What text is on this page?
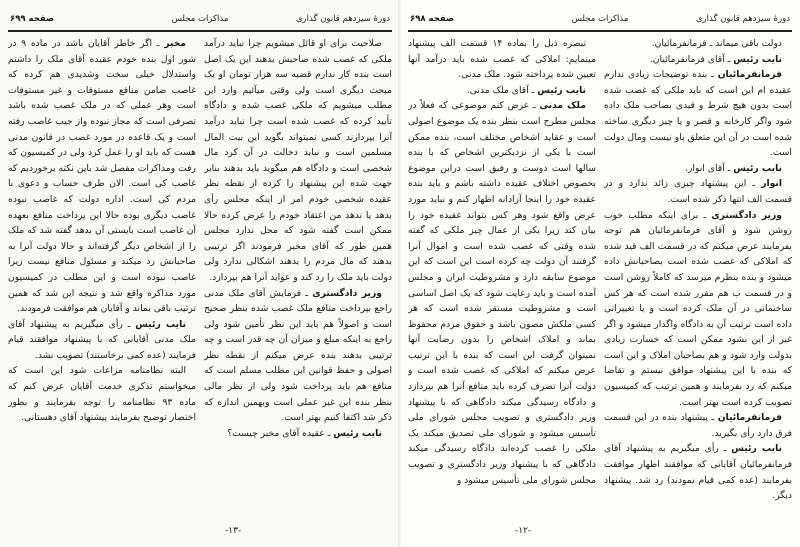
دورهٔ سیزدهم قانون گذاری
مذاکرات مجلس
صفحه ۶۹۹

صلاحیت برای او قائل میشویم چرا نباید درآمد ملکی که غصب شده صاحبش بدهند این یک اصل است بنده کار ندارم قضیه سه هزار تومان او یک مبحث دیگری است ولی وقتی میآئیم وارد این مطلب میشویم که ملکی غصب شده و دادگاه تأیید کرده که غصب شده است چرا نباید درآمد آنرا بپردازند کسی نمیتواند بگوید این بیت المال مسلمین است و نباید دخالت در آن کرد مال شخصی است و دادگاه هم میگوید باید بدهند بنابر جهت شده این پیشنهاد را کرده از نقطه نظر عقیده شخصی خودم امر از اینکه مجلس رأی بدهد یا ندهد من اعتقاد خودم را عرض کرده حالا ممکن است گفته شود که محل ندارد مجلس همین طور که آقای مخبر فرمودند اگر ترتیبی بدهند که مال مردم را بدهند اشکالی ندارد ولی دولت باید ملک را رد کند و عواید آنرا هم بپردازد.

وزیر دادگستری ـ فرمایش آقای ملک مدنی راجع بپرداخت منافع ملک غصب شده بنظر صحیح است و اصولاً هم باید این نظر تأمین شود ولی راجع به اینکه مبلغ و میزان آن چه قدر است و چه ترتیبی بدهند بنده عرض میکنم از نقطه نظر اصولی و حفظ قوانین این مطلب مسلم است که منافع هم باید پرداخت شود ولی از نظر مالی بنظر بنده این غیر عملی است وبهمین اندازه که ذکر شد اکتفا کنیم بهتر است.

نایب رئیس ـ عقیده آقای مخبر چیست؟

مخبر ـ اگر خاطر آقایان باشد در ماده ۹ در شور اول بنده خودم عقیده آقای ملک را داشتم واستدلال خیلی سخت وشدیدی هم کرده که غاصب ضامن منافع مستوفات و غیر مستوفات است وهر عملی که در ملک غصب شده باشد تصرفی است که مجاز نبوده واز جیب غاصب رفته است و یک قاعده در مورد غصب در قانون مدنی هست که باید او را عمل کرد ولی در کمیسیون که رفت ومذاکرات مفصل شد باین نکته برخوردیم که غاصب کی است. الان طرف حساب و دعوی با مردم کی است. اداره دولت که غاصب نبوده غاصب دیگری بوده حالا این پرداخت منافع بعهده آن غاصب است بایستی آن بدهد گفته شد که ملک را از اشخاص دیگر گرفته‌اند و حالا دولت آنرا به صاحبانش رد میکند و مسئول منافع نیست زیرا غاصب نبوده است و این مطلب در کمیسیون مورد مذاکره واقع شد و نتیجه این شد که همین ترتیب باقی بماند و آقایان هم موافقت فرمودند.

نایب رئیس ـ رأی میگیریم به پیشنهاد آقای ملک مدنی آقایانی که با پیشنهاد موافقند قیام فرمایند (عده کمی برخاستند) تصویب نشد.

البته نظامنامه مراعات شود این است که میخواستم تذکری خدمت آقایان عرض کنم که ماده ۹۳ نظامنامه را توجه بفرمایند و بطور اختصار توضیح بفرمایند پیشنهاد آقای دهستانی.

-۱۳-
دورهٔ سیزدهم قانون گذاری
مذاکرات مجلس
صفحه ۶۹۸

دولت باقی میماند ـ فرمانفرمائیان.

نایب رئیس ـ آقای فرمانفرمائیان.

فرمانفرمائیان ـ بنده توضیحات زیادی ندارم عقیده ام این است که باید ملکی که غصب شده است بدون هیچ شرط و قیدی بصاحب ملک داده شود واگر کارخانه و قصر و یا چیز دیگری ساخته شده است در آن این متعلق باو نیست ومال دولت است.

نایب رئیس ـ آقای انوار.

انوار ـ این پیشنهاد چیزی زائد ندارد و در قسمت الف انتها ذکر شده است.

وزیر دادگستری ـ برای اینکه مطلب خوب روشن شود و آقای فرمانفرمائیان هم توجه بفرمایند عرض میکنم که در قسمت الف قید شده که املاکی که غصب شده است بصاحبانش داده میشود و بنده بنظرم میرسد که کاملاً روشن است و در قسمت ب هم مقرر شده است که هر کس ساختمانی در آن ملک کرده است و یا تغییراتی داده است ترتیب آن به دادگاه واگذار میشود و اگر غیر از این بشود ممکن است که خسارت زیادی بدولت وارد شود و هم بصاحبان املاک و این است که بنده با این پیشنهاد موافق نیستم و تقاضا میکنم که رد بفرمایند و همین ترتیب که کمیسیون تصویب کرده است بهتر است.

فرمانفرمائیان ـ پیشنهاد بنده در این قسمت فرق دارد رأی بگیرید.

نایب رئیس ـ رأی میگیریم به پیشنهاد آقای فرمانفرمائیان آقایانی که موافقند اظهار موافقت بفرمایند (عده کمی قیام نمودند) رد شد. پیشنهاد دیگر.

تبصره ذیل را بماده ۱۴ قسمت الف پیشنهاد مینمایم: املاکی که غصب شده باید درآمد آنها تعیین شده پرداخته شود. ملک مدنی.

نایب رئیس ـ آقای ملک مدنی.

ملک مدنی ـ عرض کنم موضوعی که فعلاً در مجلس مطرح است بنظر بنده یک موضوع اصولی است و عقاید اشخاص مختلف است، بنده ممکن است با یکی از نزدیکترین اشخاص که با بنده سالها است دوست و رفیق است دراین موضوع بخصوص اختلاف عقیده داشته باشم و باید بنده عقیده خود را اینجا آزادانه اظهار کنم و نباید مورد عرض واقع شود وهر کس بتواند عقیده خود را بیان کند زیرا یکی از عمال چیز ملکی که گفته شده وقتی که غصب شده است و اموال آنرا گرفتند آن دولت چه کرده است این است که این موضوع سابقه دارد و مشروطیت ایران و مجلس آمده است و باید رعایت شود که یک اصل اساسی است و مشروطیت مستقر شده است که هر کسی ملکش مصون باشد و حقوق مردم محفوظ بماند و املاک اشخاص را بدون رضایت آنها نمیتوان گرفت این است که بنده با این ترتیب عرض میکنم که املاکی که غصب شده است و دولت آنرا تصرف کرده باید منافع آنرا هم بپردازد و دادگاه رسیدگی میکند دادگاهی که با پیشنهاد وزیر دادگستری و تصویب مجلس شورای ملی تأسیس میشود و شورای ملی تصدیق میکند یک ملکی را غصب کرده‌اند دادگاه رسیدگی میکند دادگاهی که با پیشنهاد وزیر دادگستری و تصویب مجلس شورای ملی تأسیس میشود و

-۱۲-
